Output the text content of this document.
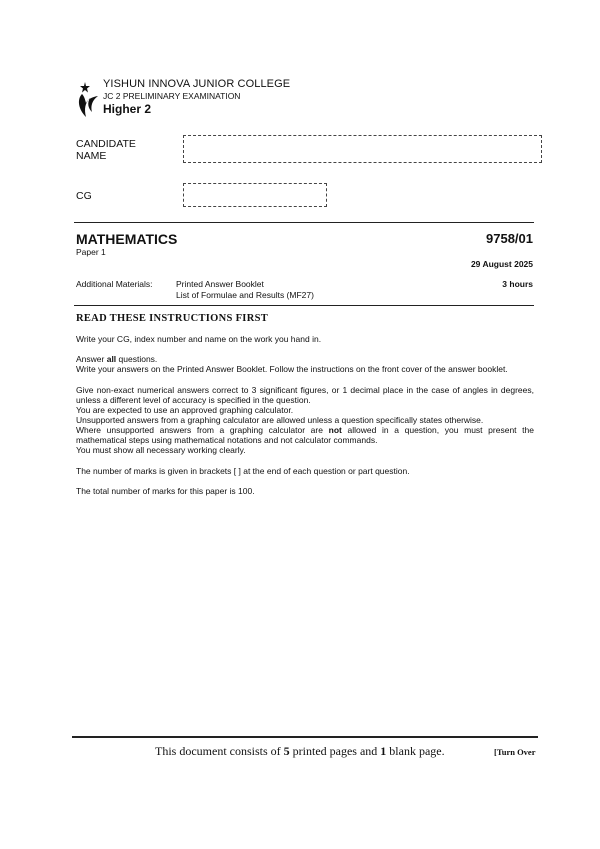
YISHUN INNOVA JUNIOR COLLEGE
JC 2 PRELIMINARY EXAMINATION
Higher 2
CANDIDATE
NAME
CG
MATHEMATICS	9758/01
Paper 1
29 August 2025
Additional Materials:	Printed Answer Booklet
List of Formulae and Results (MF27)
3 hours
READ THESE INSTRUCTIONS FIRST

Write your CG, index number and name on the work you hand in.

Answer all questions.

Write your answers on the Printed Answer Booklet. Follow the instructions on the front cover of the answer booklet.

Give non-exact numerical answers correct to 3 significant figures, or 1 decimal place in the case of angles in degrees, unless a different level of accuracy is specified in the question.

You are expected to use an approved graphing calculator.

Unsupported answers from a graphing calculator are allowed unless a question specifically states otherwise.

Where unsupported answers from a graphing calculator are not allowed in a question, you must present the mathematical steps using mathematical notations and not calculator commands.

You must show all necessary working clearly.

The number of marks is given in brackets [ ] at the end of each question or part question.

The total number of marks for this paper is 100.

This document consists of 5 printed pages and 1 blank page.	[Turn Over
